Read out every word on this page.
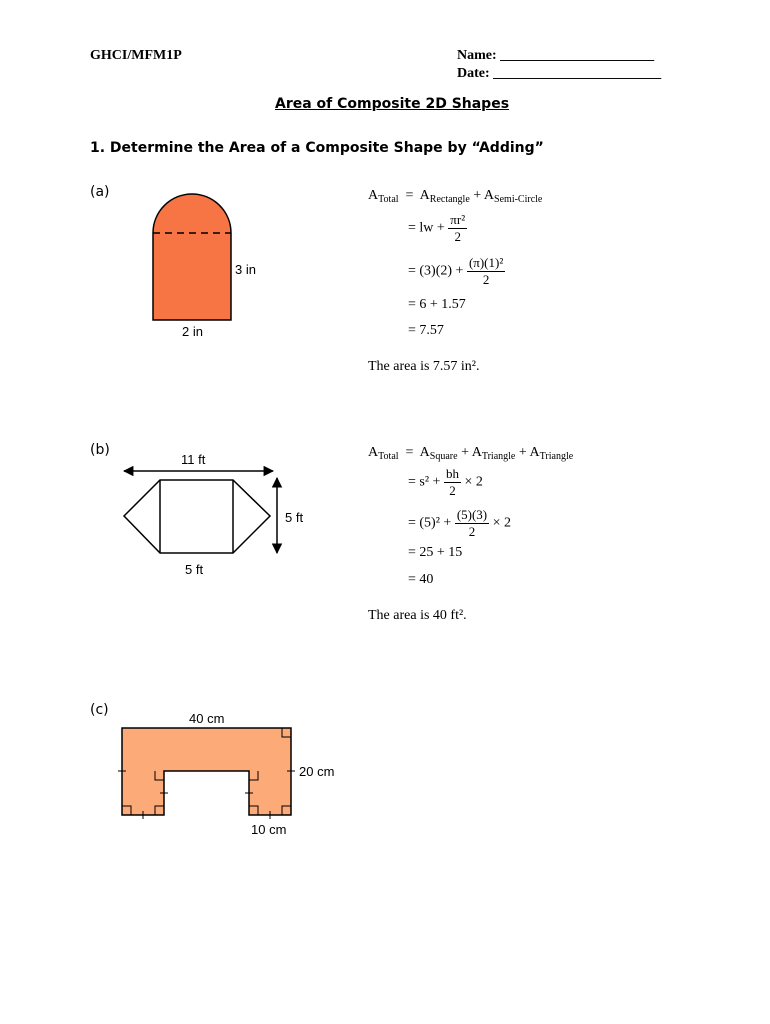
GHCI/MFM1P	Name: ______________________
Date: ________________________
Area of Composite 2D Shapes
1. Determine the Area of a Composite Shape by “Adding”
(a)
3 in
2 in
$A_{Total} = A_{Rectangle} + A_{Semi-Circle}$
= lw + $\frac{\text{πr²}}{2}$
= $(3)(2) + \frac{\text{(π)(1)²}}{2}$
= 6 + 1.57
= 7.57
The area is 7.57 in².
(b)
11 ft
5 ft
5 ft
$A_{Total} = A_{Square} + A_{Triangle} + A_{Triangle}$
= $s^2 + \frac{bh}{2} \times 2$
= $(5)^2 + \frac{(5)(3)}{2} \times 2$
= 25 + 15
= 40
The area is 40 ft².
(c)
40 cm
20 cm
10 cm
